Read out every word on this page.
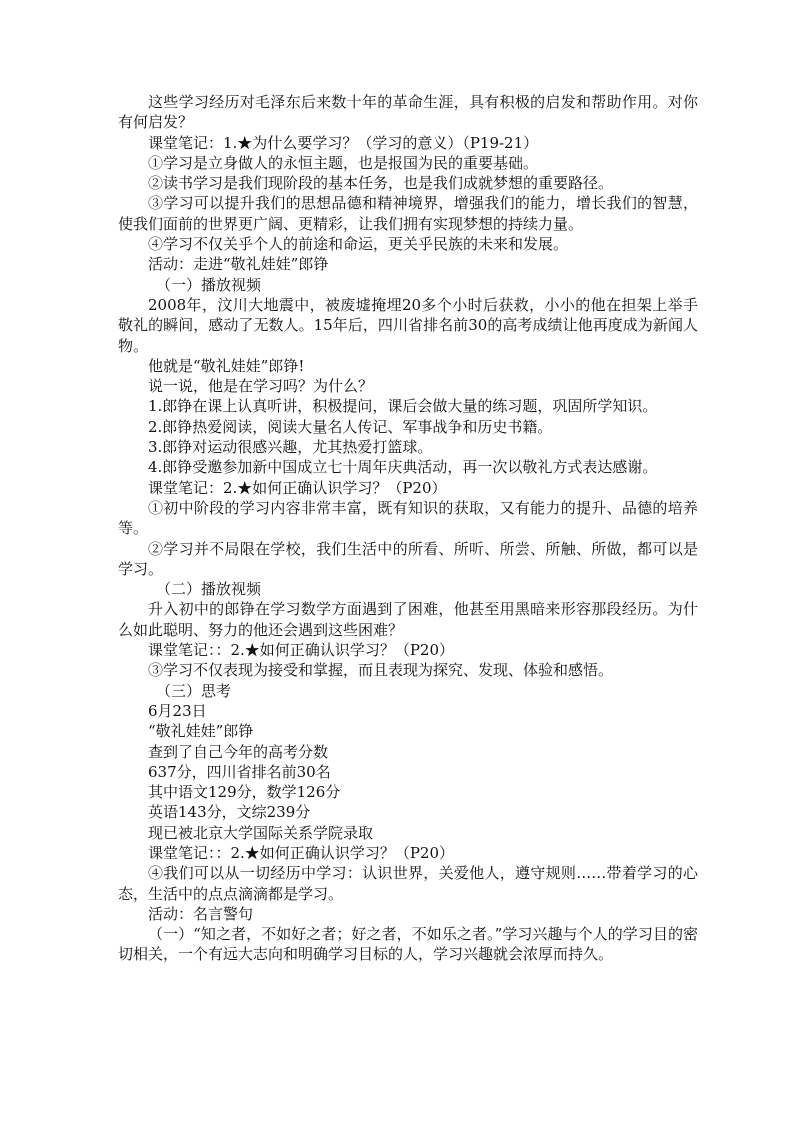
这些学习经历对毛泽东后来数十年的革命生涯，具有积极的启发和帮助作用。对你有何启发？

课堂笔记：1.★为什么要学习？（学习的意义）（P19-21）

①学习是立身做人的永恒主题，也是报国为民的重要基础。

②读书学习是我们现阶段的基本任务，也是我们成就梦想的重要路径。

③学习可以提升我们的思想品德和精神境界，增强我们的能力，增长我们的智慧，使我们面前的世界更广阔、更精彩，让我们拥有实现梦想的持续力量。

④学习不仅关乎个人的前途和命运，更关乎民族的未来和发展。

活动：走进“敬礼娃娃”郎铮

（一）播放视频

2008年，汶川大地震中，被废墟掩埋20多个小时后获救，小小的他在担架上举手敬礼的瞬间，感动了无数人。15年后，四川省排名前30的高考成绩让他再度成为新闻人物。

他就是“敬礼娃娃”郎铮!

说一说，他是在学习吗？为什么？

1.郎铮在课上认真听讲，积极提问，课后会做大量的练习题，巩固所学知识。

2.郎铮热爱阅读，阅读大量名人传记、军事战争和历史书籍。

3.郎铮对运动很感兴趣，尤其热爱打篮球。

4.郎铮受邀参加新中国成立七十周年庆典活动，再一次以敬礼方式表达感谢。

课堂笔记：2.★如何正确认识学习？（P20）

①初中阶段的学习内容非常丰富，既有知识的获取，又有能力的提升、品德的培养等。

②学习并不局限在学校，我们生活中的所看、所听、所尝、所触、所做，都可以是学习。

（二）播放视频

升入初中的郎铮在学习数学方面遇到了困难，他甚至用黑暗来形容那段经历。为什么如此聪明、努力的他还会遇到这些困难？

课堂笔记：：2.★如何正确认识学习？（P20）

③学习不仅表现为接受和掌握，而且表现为探究、发现、体验和感悟。

（三）思考

6月23日

“敬礼娃娃”郎铮

查到了自己今年的高考分数

637分，四川省排名前30名

其中语文129分，数学126分

英语143分，文综239分

现已被北京大学国际关系学院录取

课堂笔记：：2.★如何正确认识学习？（P20）

④我们可以从一切经历中学习：认识世界，关爱他人，遵守规则……带着学习的心态，生活中的点点滴滴都是学习。

活动：名言警句

（一）“知之者，不如好之者；好之者，不如乐之者。”学习兴趣与个人的学习目的密切相关，一个有远大志向和明确学习目标的人，学习兴趣就会浓厚而持久。
